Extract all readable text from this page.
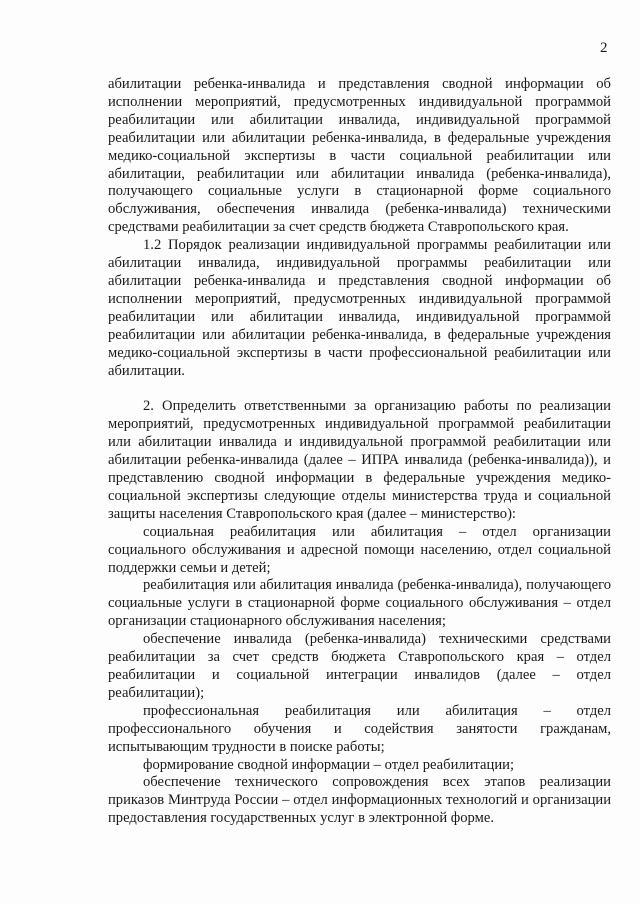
2

абилитации ребенка-инвалида и представления сводной информации об исполнении мероприятий, предусмотренных индивидуальной программой реабилитации или абилитации инвалида, индивидуальной программой реабилитации или абилитации ребенка-инвалида, в федеральные учреждения медико-социальной экспертизы в части социальной реабилитации или абилитации, реабилитации или абилитации инвалида (ребенка-инвалида), получающего социальные услуги в стационарной форме социального обслуживания, обеспечения инвалида (ребенка-инвалида) техническими средствами реабилитации за счет средств бюджета Ставропольского края.

1.2 Порядок реализации индивидуальной программы реабилитации или абилитации инвалида, индивидуальной программы реабилитации или абилитации ребенка-инвалида и представления сводной информации об исполнении мероприятий, предусмотренных индивидуальной программой реабилитации или абилитации инвалида, индивидуальной программой реабилитации или абилитации ребенка-инвалида, в федеральные учреждения медико-социальной экспертизы в части профессиональной реабилитации или абилитации.

2. Определить ответственными за организацию работы по реализации мероприятий, предусмотренных индивидуальной программой реабилитации или абилитации инвалида и индивидуальной программой реабилитации или абилитации ребенка-инвалида (далее – ИПРА инвалида (ребенка-инвалида)), и представлению сводной информации в федеральные учреждения медико-социальной экспертизы следующие отделы министерства труда и социальной защиты населения Ставропольского края (далее – министерство):

социальная реабилитация или абилитация – отдел организации социального обслуживания и адресной помощи населению, отдел социальной поддержки семьи и детей;

реабилитация или абилитация инвалида (ребенка-инвалида), получающего социальные услуги в стационарной форме социального обслуживания – отдел организации стационарного обслуживания населения;

обеспечение инвалида (ребенка-инвалида) техническими средствами реабилитации за счет средств бюджета Ставропольского края – отдел реабилитации и социальной интеграции инвалидов (далее – отдел реабилитации);

профессиональная реабилитация или абилитация – отдел профессионального обучения и содействия занятости гражданам, испытывающим трудности в поиске работы;

формирование сводной информации – отдел реабилитации;

обеспечение технического сопровождения всех этапов реализации приказов Минтруда России – отдел информационных технологий и организации предоставления государственных услуг в электронной форме.
